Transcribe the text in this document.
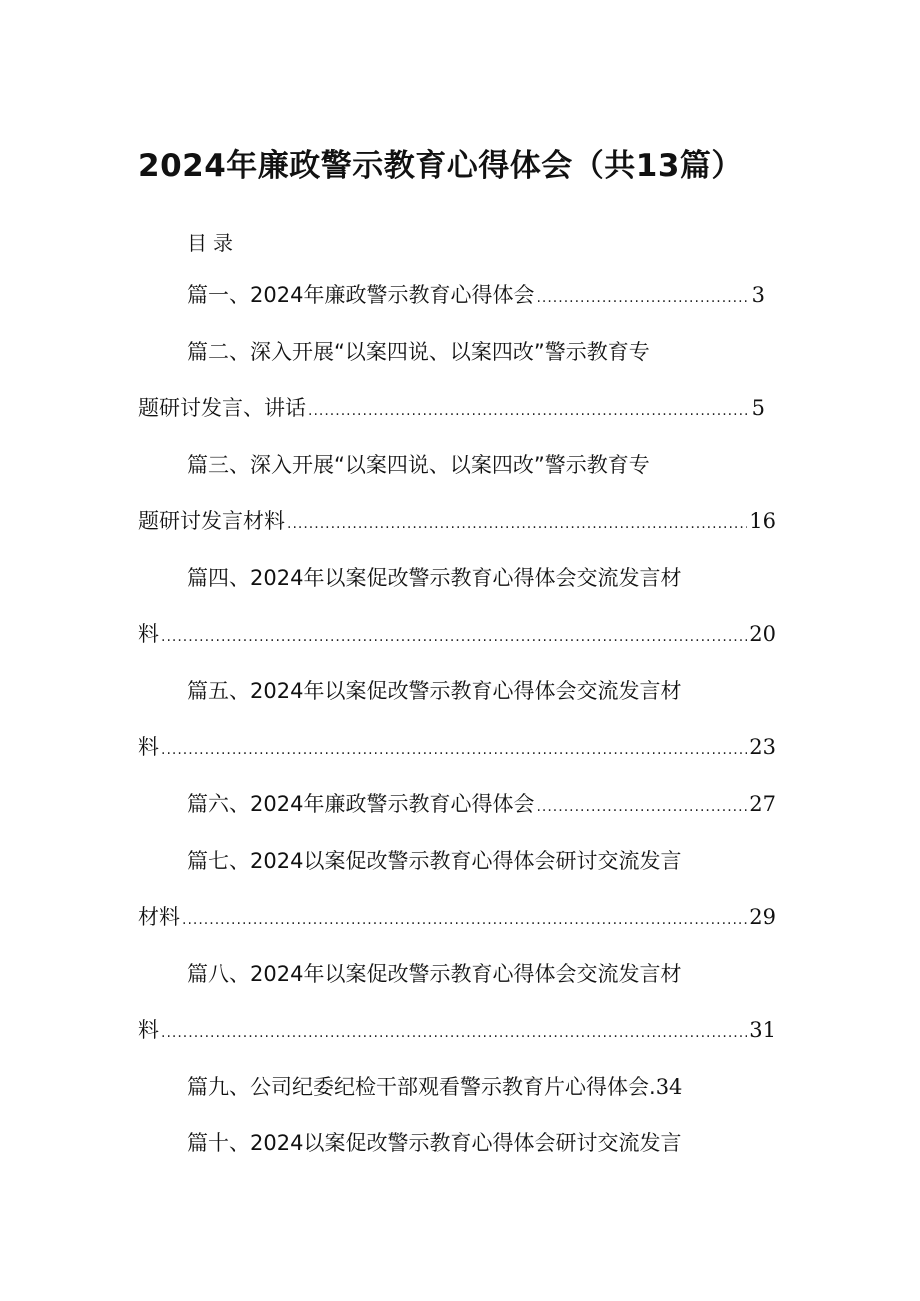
2024年廉政警示教育心得体会（共13篇）
目录
篇一、2024年廉政警示教育心得体会 .....	3
篇二、深入开展“以案四说、以案四改”警示教育专
题研讨发言、讲话 .....	5
篇三、深入开展“以案四说、以案四改”警示教育专
题研讨发言材料 .....	16
篇四、2024年以案促改警示教育心得体会交流发言材
料 .....	20
篇五、2024年以案促改警示教育心得体会交流发言材
料 .....	23
篇六、2024年廉政警示教育心得体会 .....	27
篇七、2024以案促改警示教育心得体会研讨交流发言
材料 .....	29
篇八、2024年以案促改警示教育心得体会交流发言材
料 .....	31
篇九、公司纪委纪检干部观看警示教育片心得体会. 34
篇十、2024以案促改警示教育心得体会研讨交流发言
